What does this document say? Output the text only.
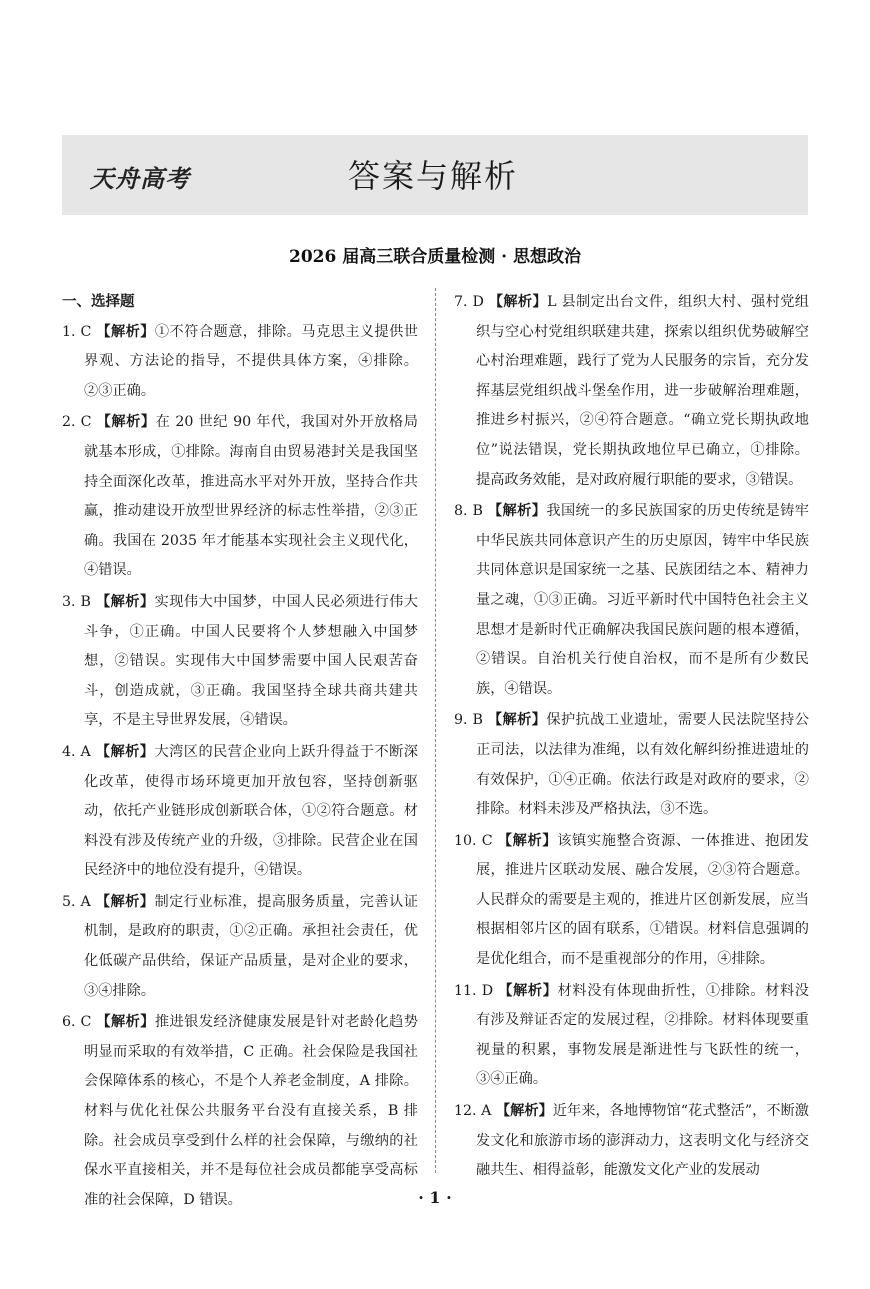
天舟高考	答案与解析
2026 届高三联合质量检测 · 思想政治
一、选择题
1. C 【解析】①不符合题意，排除。马克思主义提供世界观、方法论的指导，不提供具体方案，④排除。②③正确。
2. C 【解析】在 20 世纪 90 年代，我国对外开放格局就基本形成，①排除。海南自由贸易港封关是我国坚持全面深化改革，推进高水平对外开放，坚持合作共赢，推动建设开放型世界经济的标志性举措，②③正确。我国在 2035 年才能基本实现社会主义现代化，④错误。
3. B 【解析】实现伟大中国梦，中国人民必须进行伟大斗争，①正确。中国人民要将个人梦想融入中国梦想，②错误。实现伟大中国梦需要中国人民艰苦奋斗，创造成就，③正确。我国坚持全球共商共建共享，不是主导世界发展，④错误。
4. A 【解析】大湾区的民营企业向上跃升得益于不断深化改革，使得市场环境更加开放包容，坚持创新驱动，依托产业链形成创新联合体，①②符合题意。材料没有涉及传统产业的升级，③排除。民营企业在国民经济中的地位没有提升，④错误。
5. A 【解析】制定行业标准，提高服务质量，完善认证机制，是政府的职责，①②正确。承担社会责任，优化低碳产品供给，保证产品质量，是对企业的要求，③④排除。
6. C 【解析】推进银发经济健康发展是针对老龄化趋势明显而采取的有效举措，C 正确。社会保险是我国社会保障体系的核心，不是个人养老金制度，A 排除。材料与优化社保公共服务平台没有直接关系，B 排除。社会成员享受到什么样的社会保障，与缴纳的社保水平直接相关，并不是每位社会成员都能享受高标准的社会保障，D 错误。
7. D 【解析】L 县制定出台文件，组织大村、强村党组织与空心村党组织联建共建，探索以组织优势破解空心村治理难题，践行了党为人民服务的宗旨，充分发挥基层党组织战斗堡垒作用，进一步破解治理难题，推进乡村振兴，②④符合题意。“确立党长期执政地位”说法错误，党长期执政地位早已确立，①排除。提高政务效能，是对政府履行职能的要求，③错误。
8. B 【解析】我国统一的多民族国家的历史传统是铸牢中华民族共同体意识产生的历史原因，铸牢中华民族共同体意识是国家统一之基、民族团结之本、精神力量之魂，①③正确。习近平新时代中国特色社会主义思想才是新时代正确解决我国民族问题的根本遵循，②错误。自治机关行使自治权，而不是所有少数民族，④错误。
9. B 【解析】保护抗战工业遗址，需要人民法院坚持公正司法，以法律为准绳，以有效化解纠纷推进遗址的有效保护，①④正确。依法行政是对政府的要求，②排除。材料未涉及严格执法，③不选。
10. C 【解析】该镇实施整合资源、一体推进、抱团发展，推进片区联动发展、融合发展，②③符合题意。人民群众的需要是主观的，推进片区创新发展，应当根据相邻片区的固有联系，①错误。材料信息强调的是优化组合，而不是重视部分的作用，④排除。
11. D 【解析】材料没有体现曲折性，①排除。材料没有涉及辩证否定的发展过程，②排除。材料体现要重视量的积累，事物发展是渐进性与飞跃性的统一，③④正确。
12. A 【解析】近年来，各地博物馆“花式整活”，不断激发文化和旅游市场的澎湃动力，这表明文化与经济交融共生、相得益彰，能激发文化产业的发展动
· 1 ·
